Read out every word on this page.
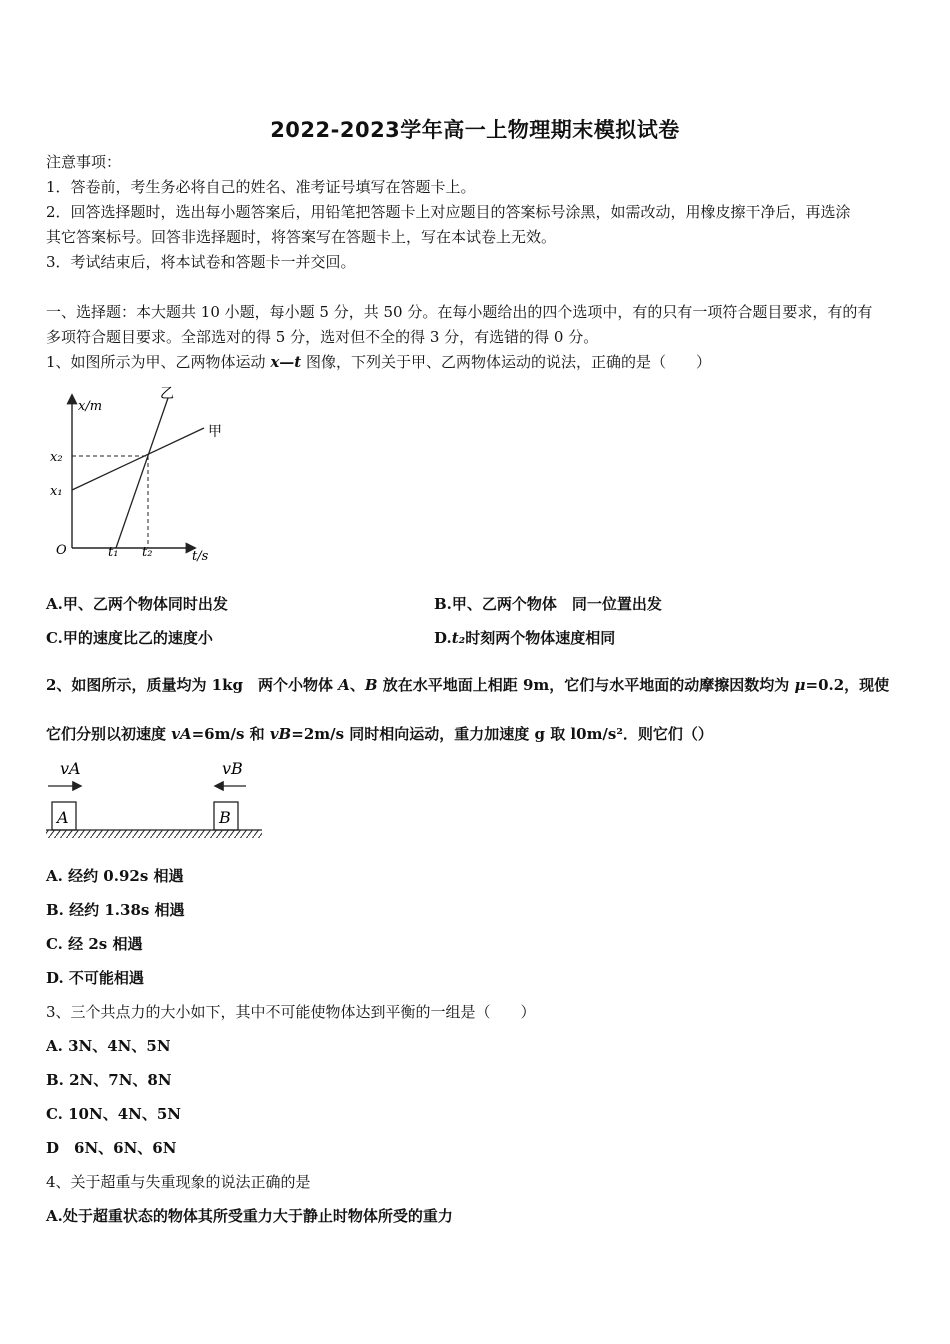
2022-2023学年高一上物理期末模拟试卷
注意事项：
1．答卷前，考生务必将自己的姓名、准考证号填写在答题卡上。
2．回答选择题时，选出每小题答案后，用铅笔把答题卡上对应题目的答案标号涂黑，如需改动，用橡皮擦干净后，再选涂
其它答案标号。回答非选择题时，将答案写在答题卡上，写在本试卷上无效。
3．考试结束后，将本试卷和答题卡一并交回。
一、选择题：本大题共 10 小题，每小题 5 分，共 50 分。在每小题给出的四个选项中，有的只有一项符合题目要求，有的有
多项符合题目要求。全部选对的得 5 分，选对但不全的得 3 分，有选错的得 0 分。
1、如图所示为甲、乙两物体运动 x—t 图像，下列关于甲、乙两物体运动的说法，正确的是（　　）
x/m
t/s
O
x₁
x₂
t₁ t₂
甲
乙
A.甲、乙两个物体同时出发	B.甲、乙两个物体　同一位置出发
C.甲的速度比乙的速度小	D.t₂时刻两个物体速度相同
2、如图所示，质量均为 1kg　两个小物体 A、B 放在水平地面上相距 9m，它们与水平地面的动摩擦因数均为 μ=0.2，现使
它们分别以初速度 vA=6m/s 和 vB=2m/s 同时相向运动，重力加速度 g 取 l0m/s²．则它们（）
vA	vB
A	B
A. 经约 0.92s 相遇
B. 经约 1.38s 相遇
C. 经 2s 相遇
D. 不可能相遇
3、三个共点力的大小如下，其中不可能使物体达到平衡的一组是（　　）
A. 3N、4N、5N
B. 2N、7N、8N
C. 10N、4N、5N
D　6N、6N、6N
4、关于超重与失重现象的说法正确的是
A.处于超重状态的物体其所受重力大于静止时物体所受的重力
